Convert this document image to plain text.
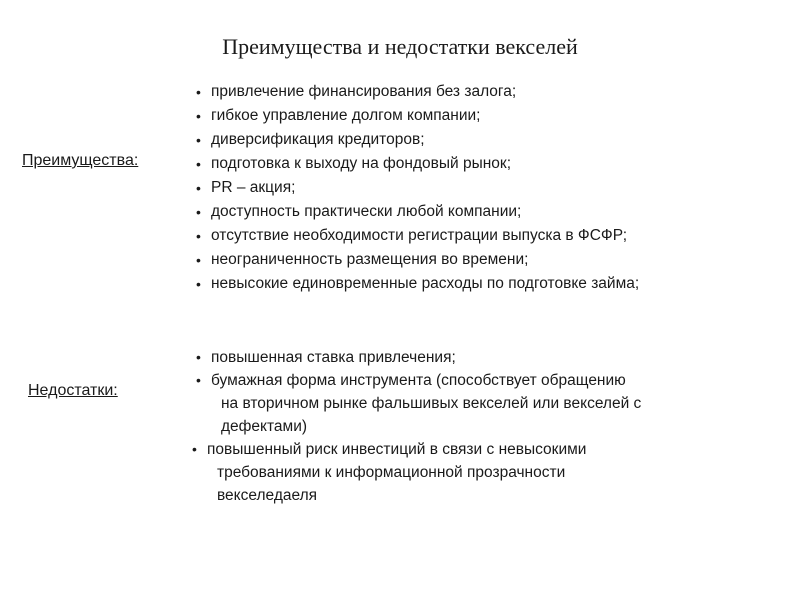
Преимущества и недостатки векселей
Преимущества:
Недостатки:
• привлечение финансирования без залога;
• гибкое управление долгом компании;
• диверсификация кредиторов;
• подготовка к выходу на фондовый рынок;
• PR – акция;
• доступность практически любой компании;
• отсутствие необходимости регистрации выпуска в ФСФР;
• неограниченность размещения во времени;
• невысокие единовременные расходы по подготовке займа;
• повышенная ставка привлечения;
• бумажная форма инструмента (способствует обращению
на вторичном рынке фальшивых векселей или векселей с
дефектами)
• повышенный риск инвестиций в связи с невысокими
требованиями к информационной прозрачности
векселедаеля
